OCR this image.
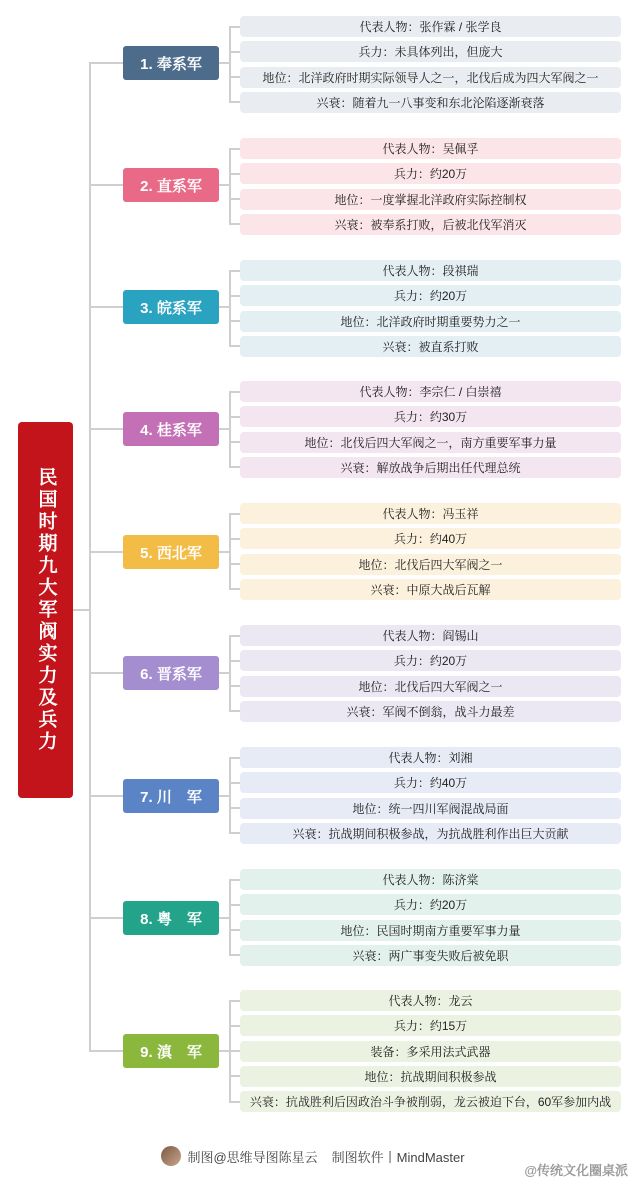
民国时期九大军阀实力及兵力
1. 奉系军
代表人物：张作霖 / 张学良
兵力：未具体列出，但庞大
地位：北洋政府时期实际领导人之一，北伐后成为四大军阀之一
兴衰：随着九一八事变和东北沦陷逐渐衰落
2. 直系军
代表人物：吴佩孚
兵力：约20万
地位：一度掌握北洋政府实际控制权
兴衰：被奉系打败，后被北伐军消灭
3. 皖系军
代表人物：段祺瑞
兵力：约20万
地位：北洋政府时期重要势力之一
兴衰：被直系打败
4. 桂系军
代表人物：李宗仁 / 白崇禧
兵力：约30万
地位：北伐后四大军阀之一，南方重要军事力量
兴衰：解放战争后期出任代理总统
5. 西北军
代表人物：冯玉祥
兵力：约40万
地位：北伐后四大军阀之一
兴衰：中原大战后瓦解
6. 晋系军
代表人物：阎锡山
兵力：约20万
地位：北伐后四大军阀之一
兴衰：军阀不倒翁，战斗力最差
7. 川　军
代表人物：刘湘
兵力：约40万
地位：统一四川军阀混战局面
兴衰：抗战期间积极参战，为抗战胜利作出巨大贡献
8. 粤　军
代表人物：陈济棠
兵力：约20万
地位：民国时期南方重要军事力量
兴衰：两广事变失败后被免职
9. 滇　军
代表人物：龙云
兵力：约15万
装备：多采用法式武器
地位：抗战期间积极参战
兴衰：抗战胜利后因政治斗争被削弱，龙云被迫下台，60军参加内战
制图@思维导图陈星云 制图软件丨MindMaster
@传统文化圈桌派
